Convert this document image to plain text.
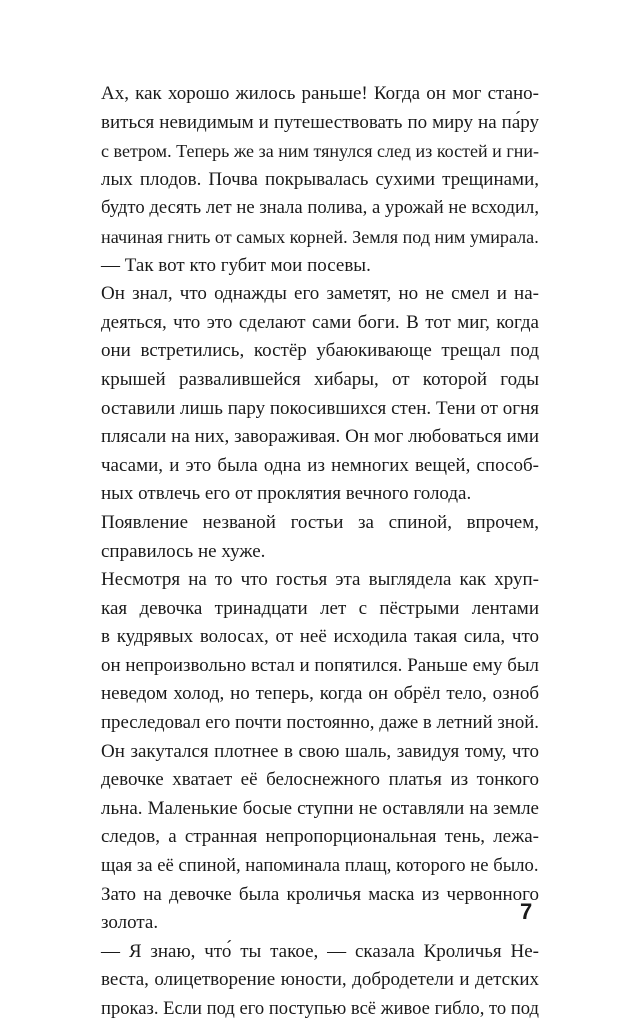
Ах, как хорошо жилось раньше! Когда он мог стано-
виться невидимым и путешествовать по миру на па́ру
с ветром. Теперь же за ним тянулся след из костей и гни-
лых плодов. Почва покрывалась сухими трещинами,
будто десять лет не знала полива, а урожай не всходил,
начиная гнить от самых корней. Земля под ним умирала.
— Так вот кто губит мои посевы.
Он знал, что однажды его заметят, но не смел и на-
деяться, что это сделают сами боги. В тот миг, когда
они встретились, костёр убаюкивающе трещал под
крышей развалившейся хибары, от которой годы
оставили лишь пару покосившихся стен. Тени от огня
плясали на них, завораживая. Он мог любоваться ими
часами, и это была одна из немногих вещей, способ-
ных отвлечь его от проклятия вечного голода.
Появление незваной гостьи за спиной, впрочем,
справилось не хуже.
Несмотря на то что гостья эта выглядела как хруп-
кая девочка тринадцати лет с пёстрыми лентами
в кудрявых волосах, от неё исходила такая сила, что
он непроизвольно встал и попятился. Раньше ему был
неведом холод, но теперь, когда он обрёл тело, озноб
преследовал его почти постоянно, даже в летний зной.
Он закутался плотнее в свою шаль, завидуя тому, что
девочке хватает её белоснежного платья из тонкого
льна. Маленькие босые ступни не оставляли на земле
следов, а странная непропорциональная тень, лежа-
щая за её спиной, напоминала плащ, которого не было.
Зато на девочке была кроличья маска из червонного
золота.
— Я знаю, что́ ты такое, — сказала Кроличья Не-
веста, олицетворение юности, добродетели и детских
проказ. Если под его поступью всё живое гибло, то под
7
